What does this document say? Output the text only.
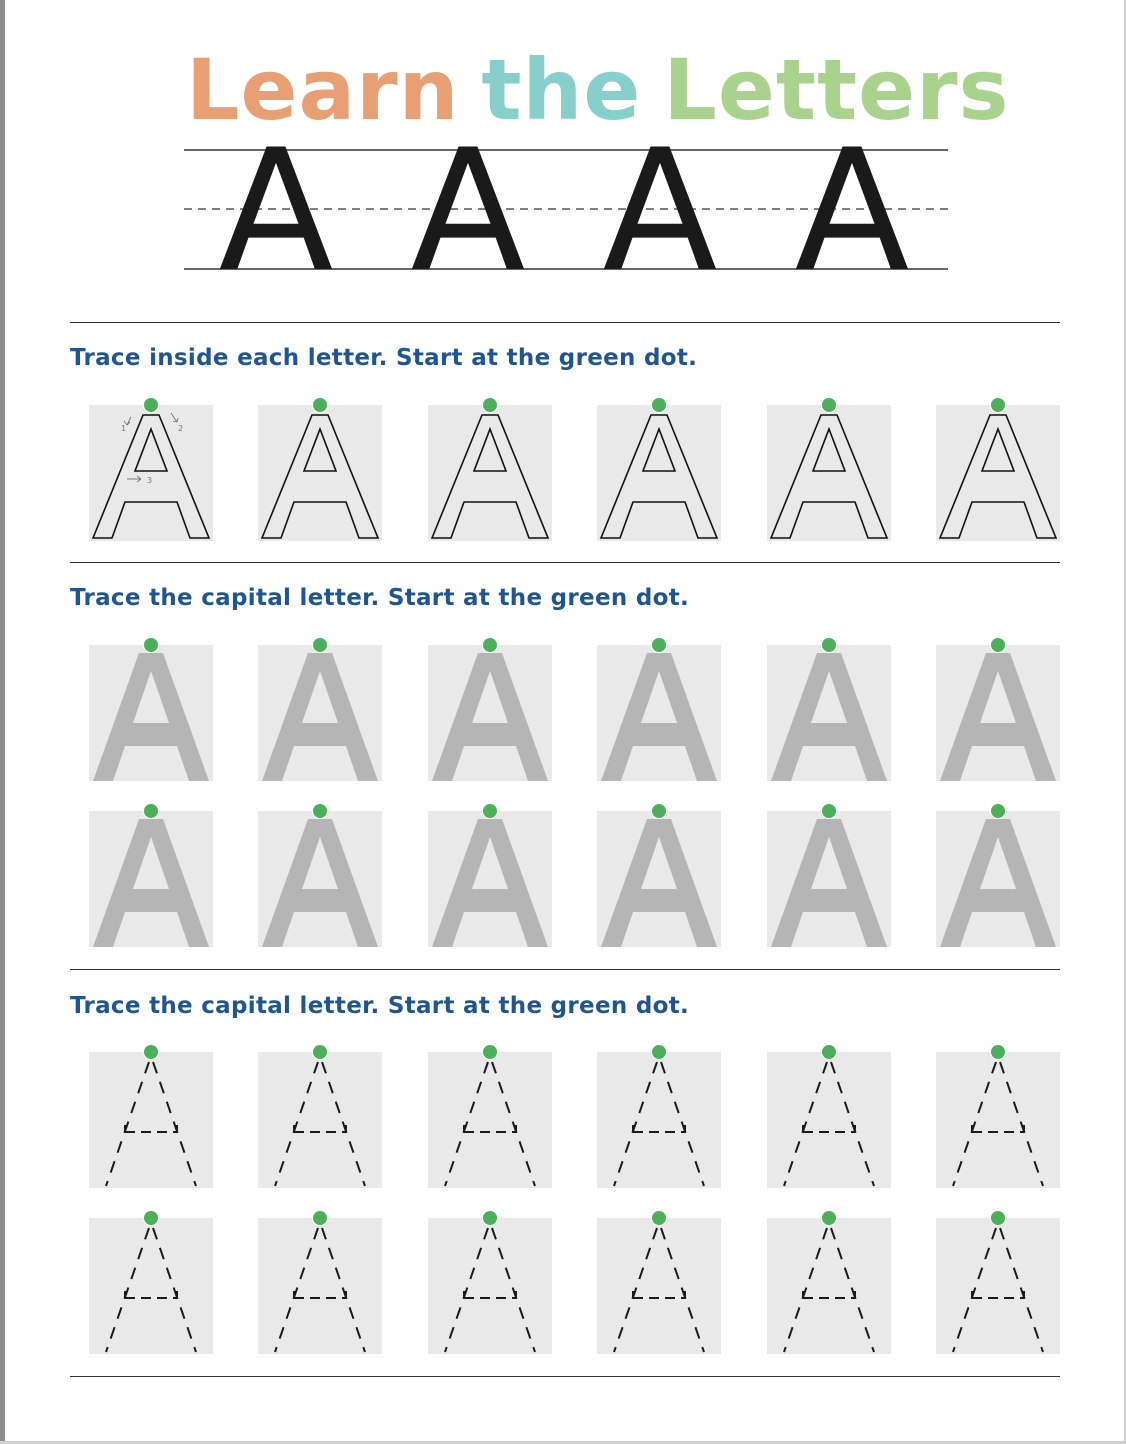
Learn the Letters
A A A A

Trace inside each letter. Start at the green dot.

Trace the capital letter. Start at the green dot.

Trace the capital letter. Start at the green dot.

1	2
3
